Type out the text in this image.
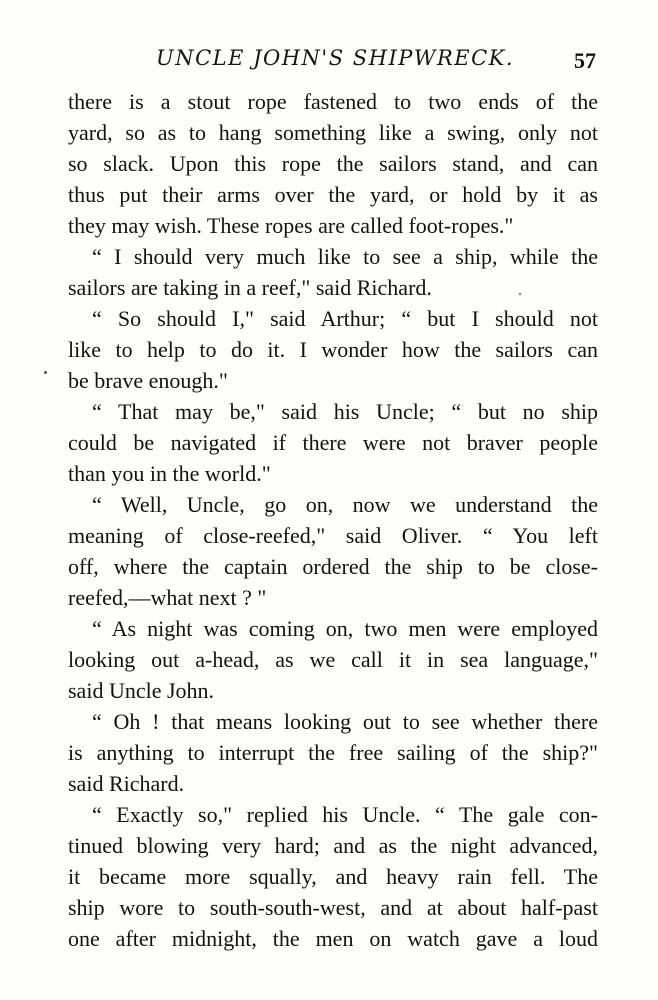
UNCLE JOHN'S SHIPWRECK.	57
there is a stout rope fastened to two ends of the
yard, so as to hang something like a swing, only not
so slack. Upon this rope the sailors stand, and can
thus put their arms over the yard, or hold by it as
they may wish. These ropes are called foot-ropes."
“ I should very much like to see a ship, while the
sailors are taking in a reef," said Richard.
“ So should I," said Arthur; “ but I should not
like to help to do it. I wonder how the sailors can
be brave enough."
“ That may be," said his Uncle; “ but no ship
could be navigated if there were not braver people
than you in the world."
“ Well, Uncle, go on, now we understand the
meaning of close-reefed," said Oliver. “ You left
off, where the captain ordered the ship to be close-
reefed,—what next ? "
“ As night was coming on, two men were employed
looking out a-head, as we call it in sea language,"
said Uncle John.
“ Oh ! that means looking out to see whether there
is anything to interrupt the free sailing of the ship?"
said Richard.
“ Exactly so," replied his Uncle. “ The gale con-
tinued blowing very hard; and as the night advanced,
it became more squally, and heavy rain fell. The
ship wore to south-south-west, and at about half-past
one after midnight, the men on watch gave a loud
